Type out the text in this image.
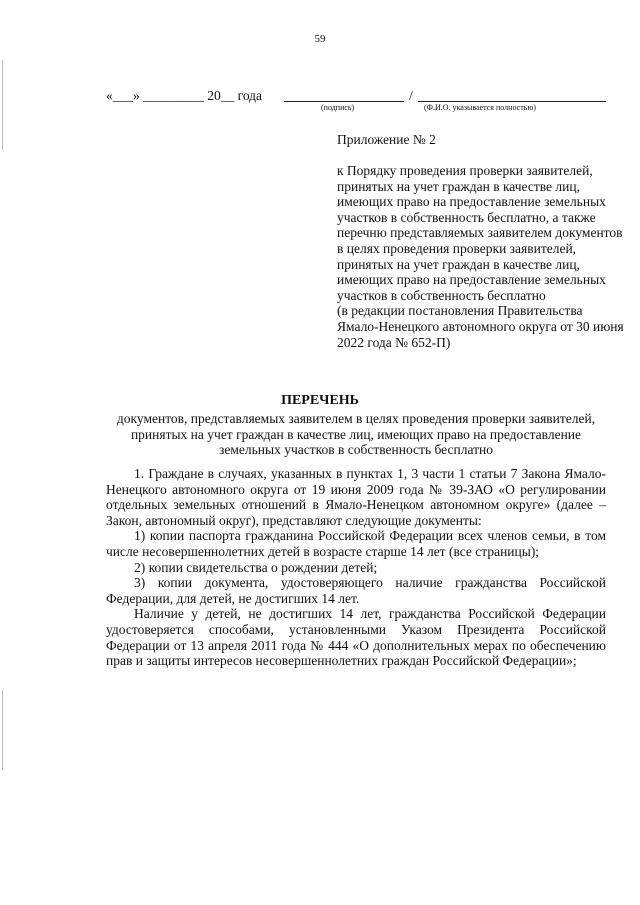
59
«___» _________ 20__ года	/
(подпись)	(Ф.И.О. указывается полностью)
Приложение № 2
к Порядку проведения проверки заявителей, принятых на учет граждан в качестве лиц, имеющих право на предоставление земельных участков в собственность бесплатно, а также перечню представляемых заявителем документов в целях проведения проверки заявителей, принятых на учет граждан в качестве лиц, имеющих право на предоставление земельных участков в собственность бесплатно
(в редакции постановления Правительства Ямало-Ненецкого автономного округа от 30 июня 2022 года № 652-П)
ПЕРЕЧЕНЬ
документов, представляемых заявителем в целях проведения проверки заявителей, принятых на учет граждан в качестве лиц, имеющих право на предоставление земельных участков в собственность бесплатно

1. Граждане в случаях, указанных в пунктах 1, 3 части 1 статьи 7 Закона Ямало-Ненецкого автономного округа от 19 июня 2009 года № 39-ЗАО «О регулировании отдельных земельных отношений в Ямало-Ненецком автономном округе» (далее – Закон, автономный округ), представляют следующие документы:

1) копии паспорта гражданина Российской Федерации всех членов семьи, в том числе несовершеннолетних детей в возрасте старше 14 лет (все страницы);

2) копии свидетельства о рождении детей;

3) копии документа, удостоверяющего наличие гражданства Российской Федерации, для детей, не достигших 14 лет.

Наличие у детей, не достигших 14 лет, гражданства Российской Федерации удостоверяется способами, установленными Указом Президента Российской Федерации от 13 апреля 2011 года № 444 «О дополнительных мерах по обеспечению прав и защиты интересов несовершеннолетних граждан Российской Федерации»;
